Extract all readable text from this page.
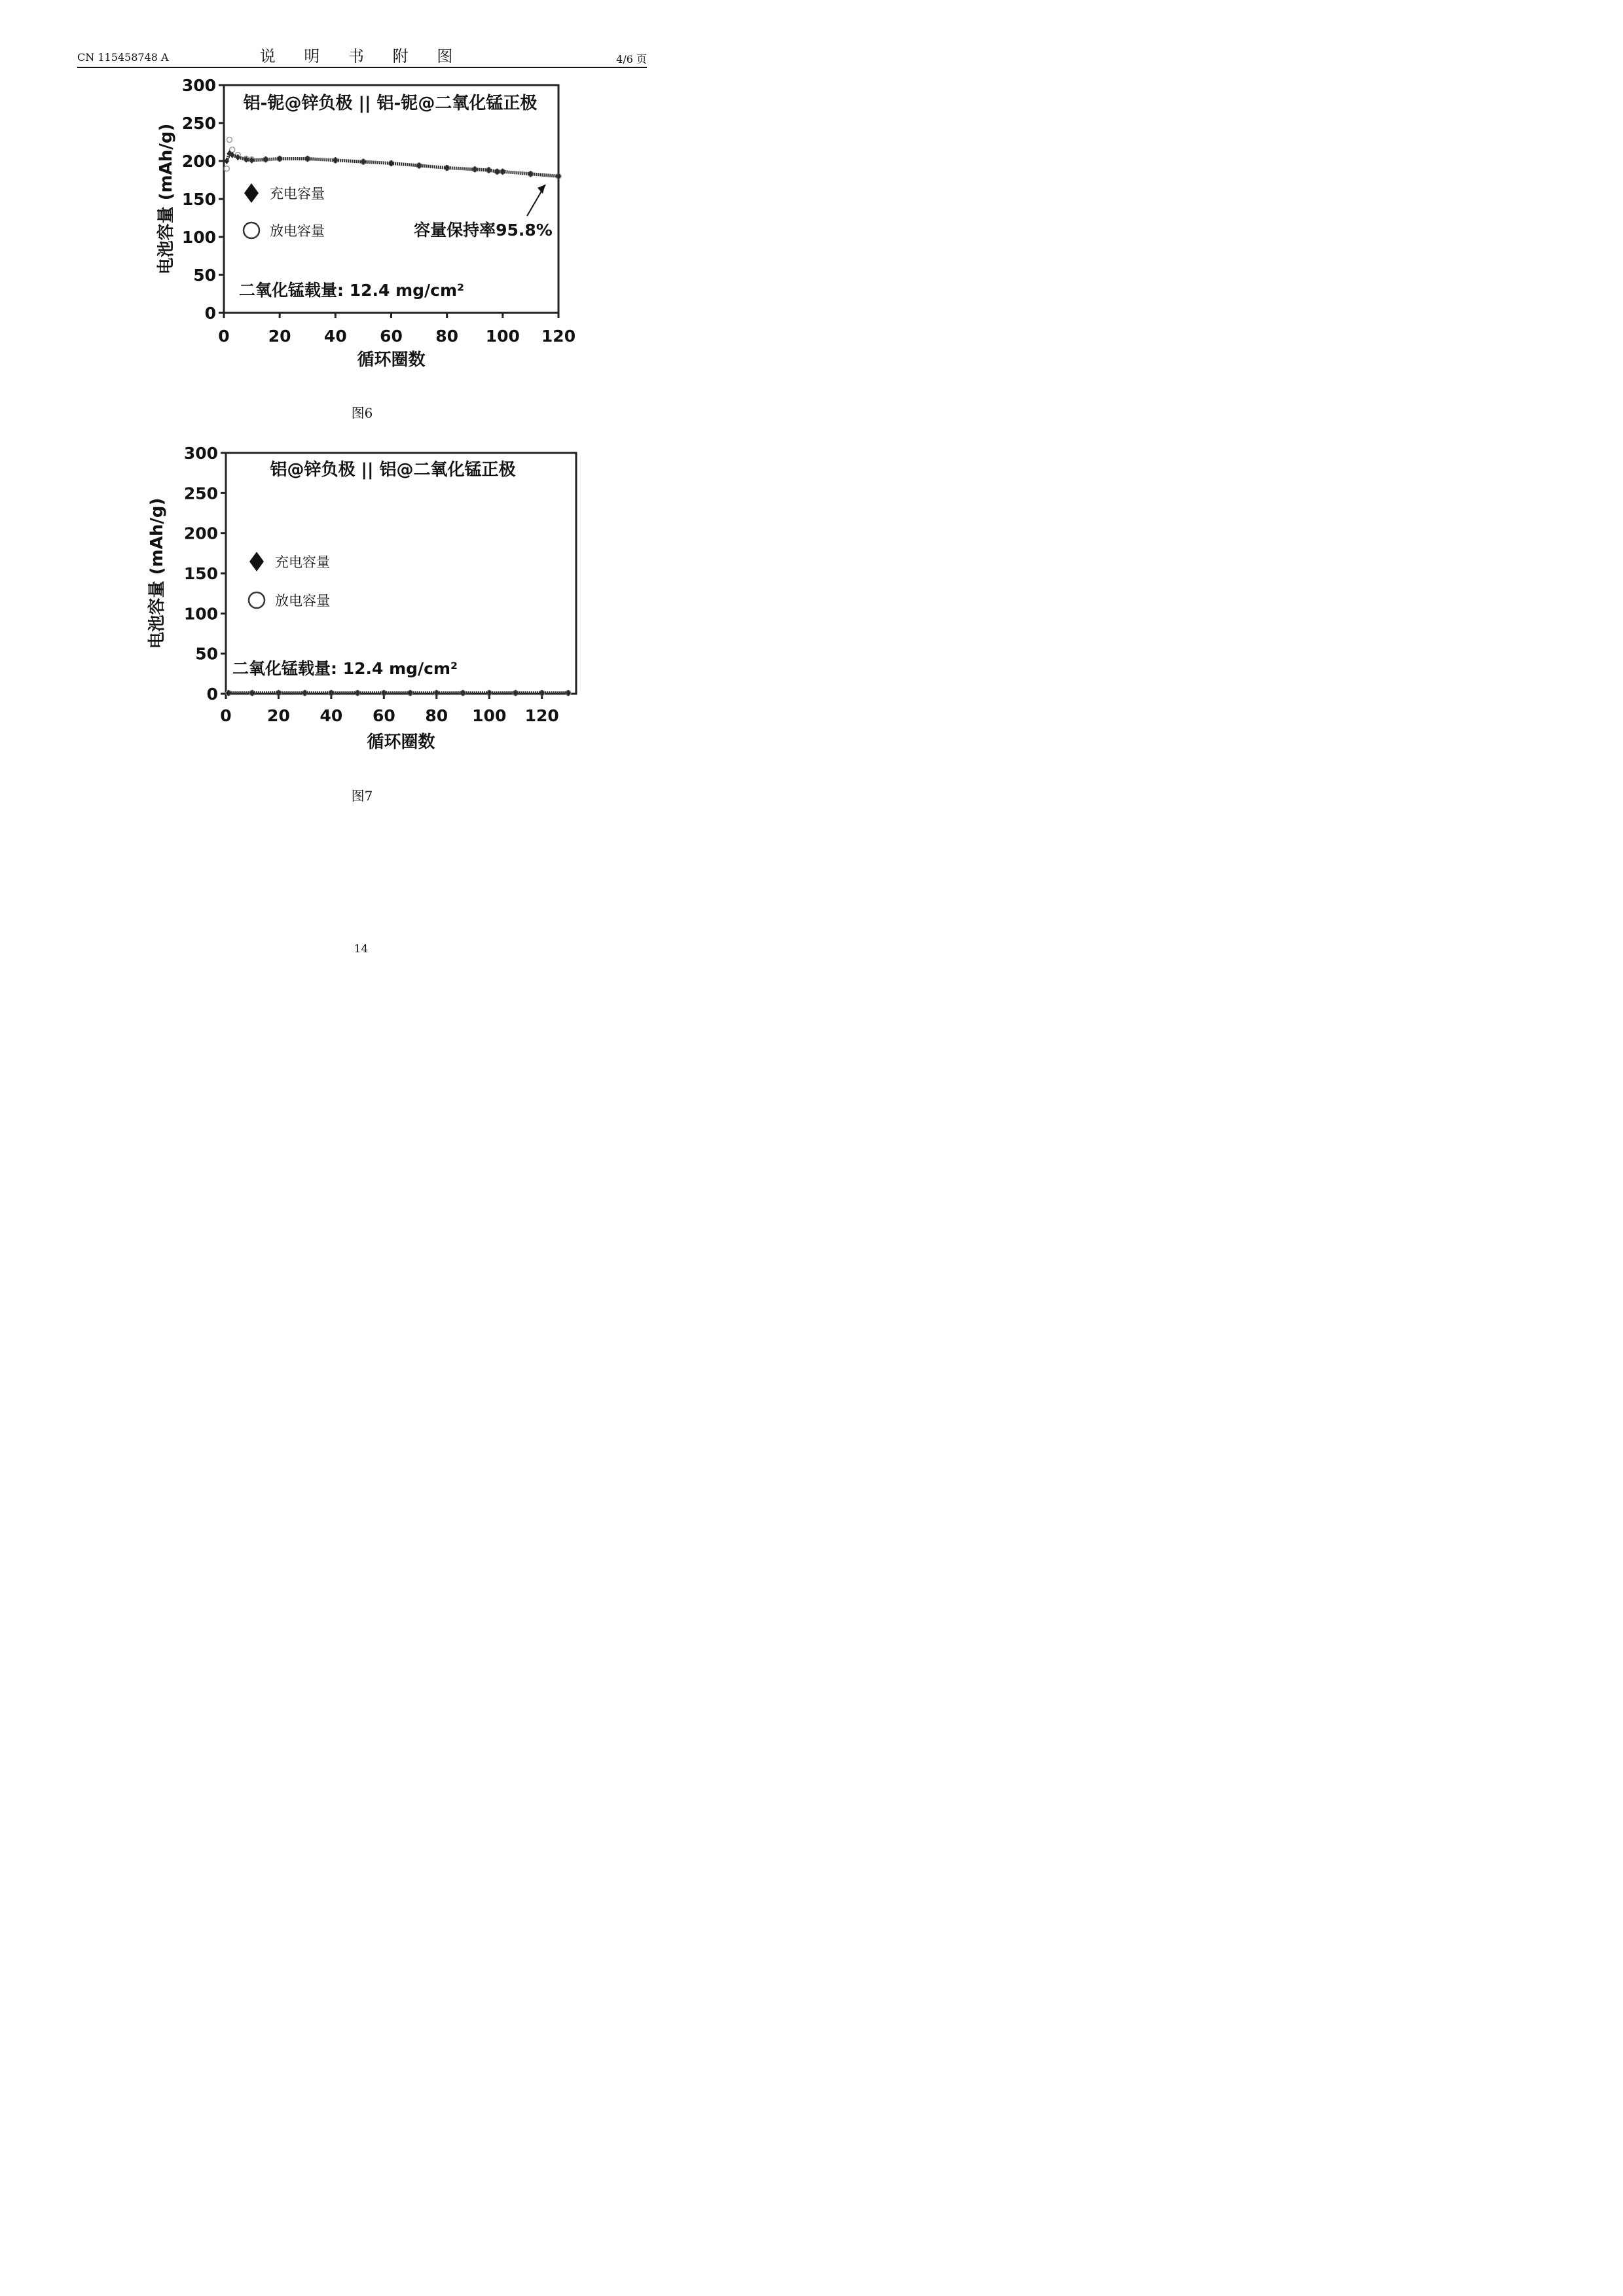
CN 115458748 A	说 明 书 附 图	4/6 页
0
50
100
150
200
250
300
0 20 40 60 80 100 120
循环圈数
电池容量 (mAh/g)
铝-铌@锌负极 || 铝-铌@二氧化锰正极
充电容量
放电容量	容量保持率95.8%
二氧化锰载量: 12.4 mg/cm²
图6
0
50
100
150
200
250
300
0 20 40 60 80 100 120
循环圈数
电池容量 (mAh/g)
铝@锌负极 || 铝@二氧化锰正极
充电容量
放电容量
二氧化锰载量: 12.4 mg/cm²
图7
14
